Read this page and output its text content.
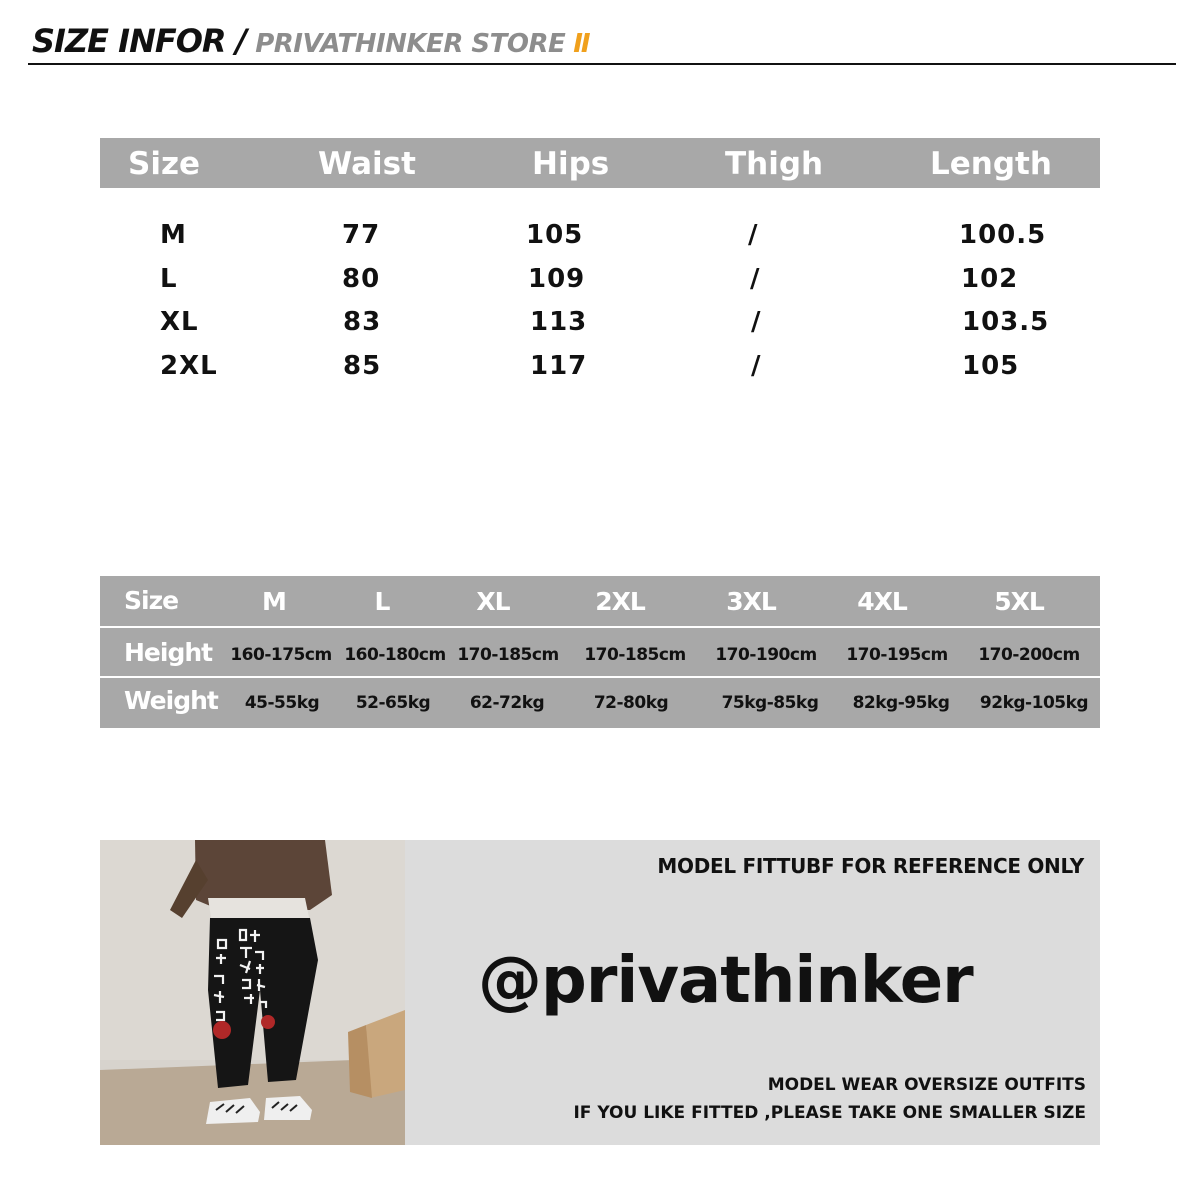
SIZE INFOR / PRIVATHINKER STORE II
Size	Waist	Hips	Thigh	Length
M	77	105	/	100.5
L	80	109	/	102
XL	83	113	/	103.5
2XL	85	117	/	105
Size	M	L	XL	2XL	3XL	4XL	5XL
Height 160-175cm 160-180cm 170-185cm 170-185cm 170-190cm 170-195cm 170-200cm
Weight 45-55kg 52-65kg 62-72kg	72-80kg	75kg-85kg 82kg-95kg 92kg-105kg
MODEL FITTUBF FOR REFERENCE ONLY
@privathinker
MODEL WEAR OVERSIZE OUTFITS
IF YOU LIKE FITTED ,PLEASE TAKE ONE SMALLER SIZE
